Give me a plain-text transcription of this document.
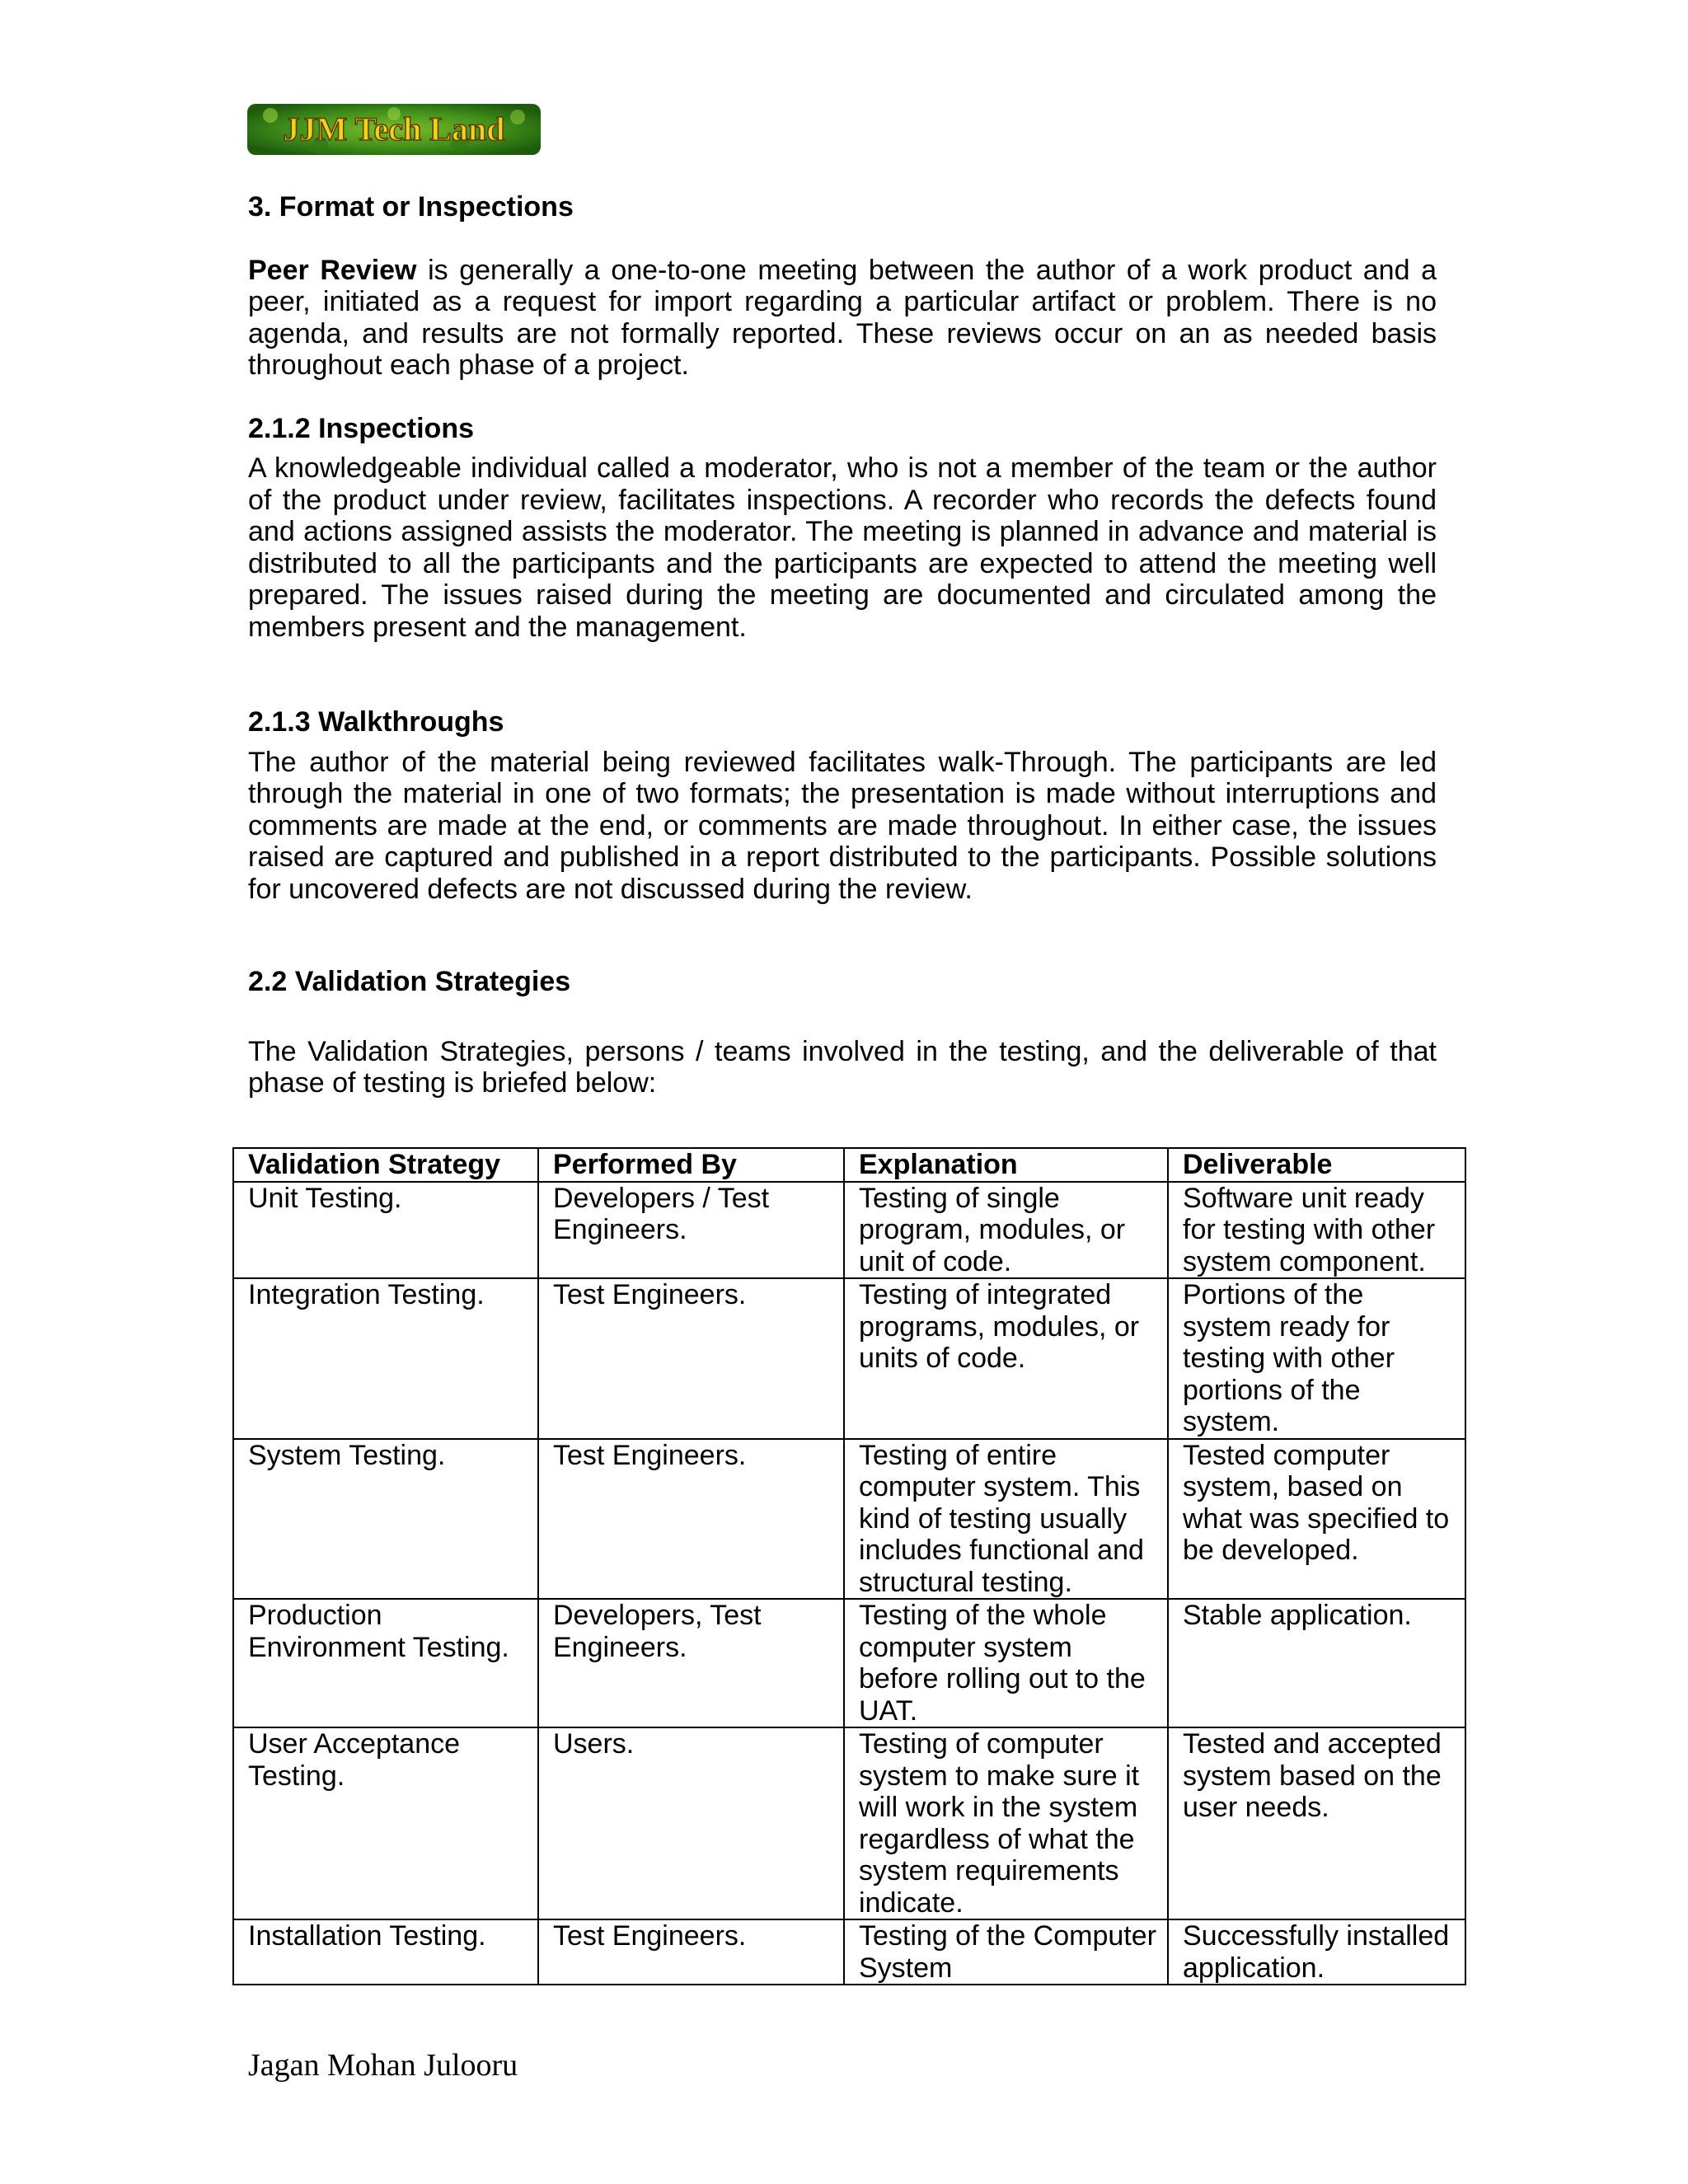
JJM Tech Land
3. Format or Inspections

Peer Review is generally a one-to-one meeting between the author of a work product and a peer, initiated as a request for import regarding a particular artifact or problem. There is no agenda, and results are not formally reported. These reviews occur on an as needed basis throughout each phase of a project.

2.1.2 Inspections

A knowledgeable individual called a moderator, who is not a member of the team or the author of the product under review, facilitates inspections. A recorder who records the defects found and actions assigned assists the moderator. The meeting is planned in advance and material is distributed to all the participants and the participants are expected to attend the meeting well prepared. The issues raised during the meeting are documented and circulated among the members present and the management.

2.1.3 Walkthroughs

The author of the material being reviewed facilitates walk-Through. The participants are led through the material in one of two formats; the presentation is made without interruptions and comments are made at the end, or comments are made throughout. In either case, the issues raised are captured and published in a report distributed to the participants. Possible solutions for uncovered defects are not discussed during the review.

2.2 Validation Strategies

The Validation Strategies, persons / teams involved in the testing, and the deliverable of that phase of testing is briefed below:

Validation Strategy	Performed By	Explanation	Deliverable
Unit Testing.	Developers / Test Engineers.	Testing of single program, modules, or unit of code.	Software unit ready for testing with other system component.
Integration Testing.	Test Engineers.	Testing of integrated programs, modules, or units of code.	Portions of the system ready for testing with other portions of the system.
System Testing.	Test Engineers.	Testing of entire computer system. This kind of testing usually includes functional and structural testing.	Tested computer system, based on what was specified to be developed.
Production Environment Testing.	Developers, Test Engineers.	Testing of the whole computer system before rolling out to the UAT.	Stable application.
User Acceptance Testing.	Users.	Testing of computer system to make sure it will work in the system regardless of what the system requirements indicate.	Tested and accepted system based on the user needs.
Installation Testing.	Test Engineers.	Testing of the Computer System	Successfully installed application.
Jagan Mohan Julooru
